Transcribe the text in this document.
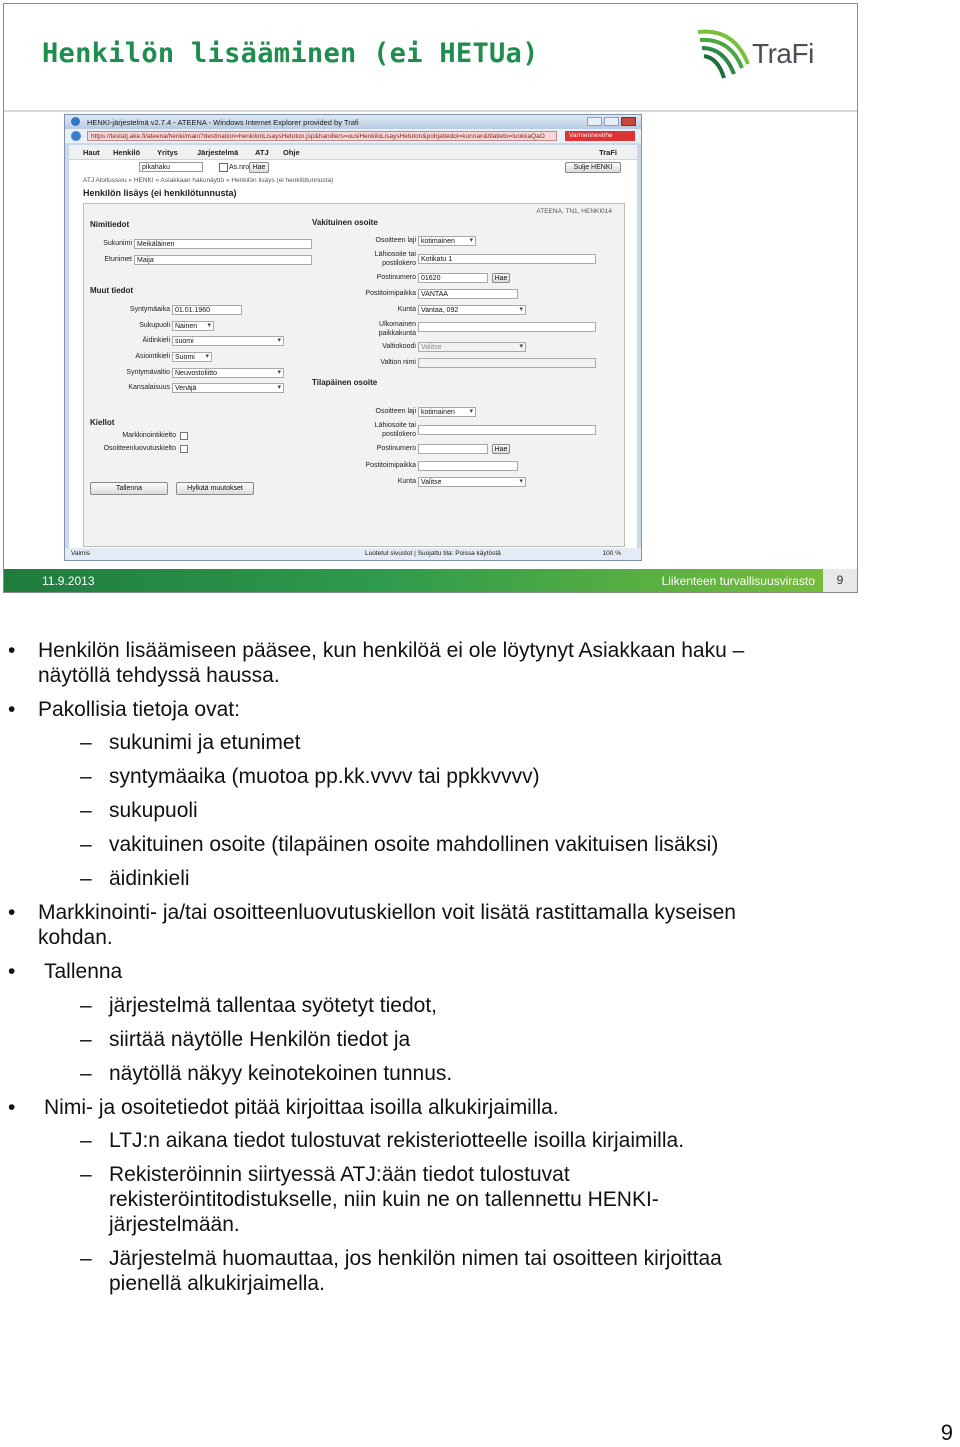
Henkilön lisääminen (ei HETUa)	TraFi
HENKI-järjestelmä v2.7.4 - ATEENA - Windows Internet Explorer provided by Trafi
https://testatj.ake.fi/ateena/henki/main?destination=henkilonLisaysHetuton.jsp&handlers=uusiHenkiloLisaysHetuton&pohjatiedot=kunnan&tilatieto=luokkaQaO	Varmennevirhe
Haut Henkilö Yritys	Järjestelmä ATJ Ohje	TraFi
pikahaku	As.nro Hae	Sulje HENKI
ATJ Aloitussivu » HENKI » Asiakkaan hakunäyttö » Henkilön lisäys (ei henkilötunnusta)
Henkilön lisäys (ei henkilötunnusta)
ATEENA, TN1, HENKI014
Nimitiedot
Sukunimi Meikäläinen
Etunimet Maija
Muut tiedot
Syntymäaika 01.01.1960
Sukupuoli Nainen ▾
Äidinkieli suomi ▾
Asiointikieli Suomi ▾
Syntymävaltio Neuvostoliitto ▾
Kansalaisuus Venäjä ▾
Kiellot
Markkinointikielto
Osoitteenluovutuskielto
Tallenna	Hylkää muutokset
Vakituinen osoite
Osoitteen laji kotimainen ▾
Lähiosoite tai
postilokero
Kotikatu 1
Postinumero 01620	Hae
Postitoimipaikka VANTAA
Kunta Vantaa, 092 ▾
Ulkomainen
paikkakunta
Valtiokoodi Valitse ▾
Valtion nimi
Tilapäinen osoite
Osoitteen laji kotimainen ▾
Lähiosoite tai
postilokero
Postinumero	Hae
Postitoimipaikka
Kunta Valitse ▾
Valmis	Luotetut sivustot | Suojattu tila: Poissa käytöstä	100 %
11.9.2013	Liikenteen turvallisuusvirasto	9
• Henkilön lisäämiseen pääsee, kun henkilöä ei ole löytynyt Asiakkaan haku –
näytöllä tehdyssä haussa.
• Pakollisia tietoja ovat:
– sukunimi ja etunimet
– syntymäaika (muotoa pp.kk.vvvv tai ppkkvvvv)
– sukupuoli
– vakituinen osoite (tilapäinen osoite mahdollinen vakituisen lisäksi)
– äidinkieli
• Markkinointi- ja/tai osoitteenluovutuskiellon voit lisätä rastittamalla kyseisen
kohdan.
• Tallenna
– järjestelmä tallentaa syötetyt tiedot,
– siirtää näytölle Henkilön tiedot ja
– näytöllä näkyy keinotekoinen tunnus.
• Nimi- ja osoitetiedot pitää kirjoittaa isoilla alkukirjaimilla.
– LTJ:n aikana tiedot tulostuvat rekisteriotteelle isoilla kirjaimilla.
– Rekisteröinnin siirtyessä ATJ:ään tiedot tulostuvat
rekisteröintitodistukselle, niin kuin ne on tallennettu HENKI-
järjestelmään.
– Järjestelmä huomauttaa, jos henkilön nimen tai osoitteen kirjoittaa
pienellä alkukirjaimella.
9
